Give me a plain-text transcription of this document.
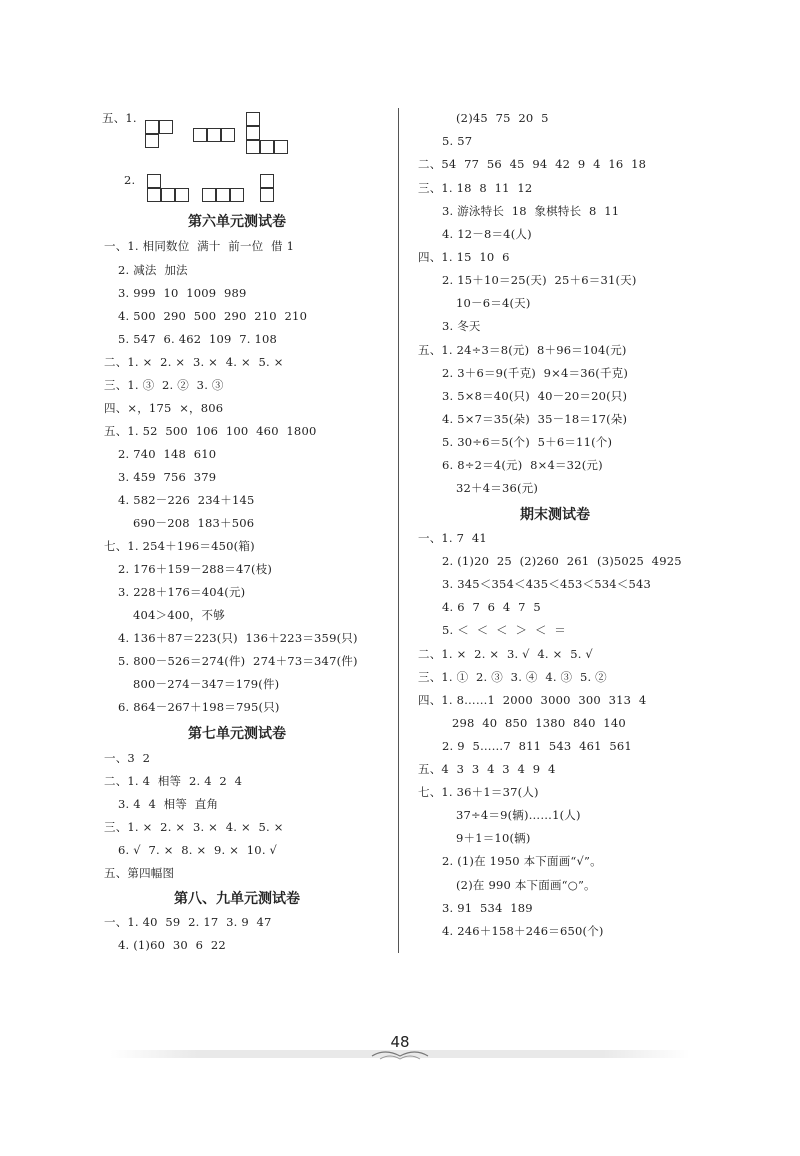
五、1.
2.
第六单元测试卷
一、1. 相同数位  满十  前一位  借 1
2. 减法  加法
3. 999  10  1009  989
4. 500  290  500  290  210  210
5. 547  6. 462  109  7. 108
二、1. ×  2. ×  3. ×  4. ×  5. ×
三、1. ③  2. ②  3. ③
四、×，175  ×，806
五、1. 52  500  106  100  460  1800
2. 740  148  610
3. 459  756  379
4. 582－226  234＋145
690－208  183＋506
七、1. 254＋196＝450(箱)
2. 176＋159－288＝47(枝)
3. 228＋176＝404(元)
404＞400，不够
4. 136＋87＝223(只)  136＋223＝359(只)
5. 800－526＝274(件)  274＋73＝347(件)
800－274－347＝179(件)
6. 864－267＋198＝795(只)
第七单元测试卷
一、3  2
二、1. 4  相等  2. 4  2  4
3. 4  4  相等  直角
三、1. ×  2. ×  3. ×  4. ×  5. ×
6. √  7. ×  8. ×  9. ×  10. √
五、第四幅图
第八、九单元测试卷
一、1. 40  59  2. 17  3. 9  47
4. (1)60  30  6  22
(2)45  75  20  5
5. 57
二、54  77  56  45  94  42  9  4  16  18
三、1. 18  8  11  12
3. 游泳特长  18  象棋特长  8  11
4. 12－8＝4(人)
四、1. 15  10  6
2. 15＋10＝25(天)  25＋6＝31(天)
10－6＝4(天)
3. 冬天
五、1. 24÷3＝8(元)  8＋96＝104(元)
2. 3＋6＝9(千克)  9×4＝36(千克)
3. 5×8＝40(只)  40－20＝20(只)
4. 5×7＝35(朵)  35－18＝17(朵)
5. 30÷6＝5(个)  5＋6＝11(个)
6. 8÷2＝4(元)  8×4＝32(元)
32＋4＝36(元)
期末测试卷
一、1. 7  41
2. (1)20  25  (2)260  261  (3)5025  4925
3. 345＜354＜435＜453＜534＜543
4. 6  7  6  4  7  5
5. ＜  ＜  ＜  ＞  ＜  ＝
二、1. ×  2. ×  3. √  4. ×  5. √
三、1. ①  2. ③  3. ④  4. ③  5. ②
四、1. 8……1  2000  3000  300  313  4
298  40  850  1380  840  140
2. 9  5……7  811  543  461  561
五、4  3  3  4  3  4  9  4
七、1. 36＋1＝37(人)
37÷4＝9(辆)……1(人)
9＋1＝10(辆)
2. (1)在 1950 本下面画“√”。
(2)在 990 本下面画“○”。
3. 91  534  189
4. 246＋158＋246＝650(个)
48
